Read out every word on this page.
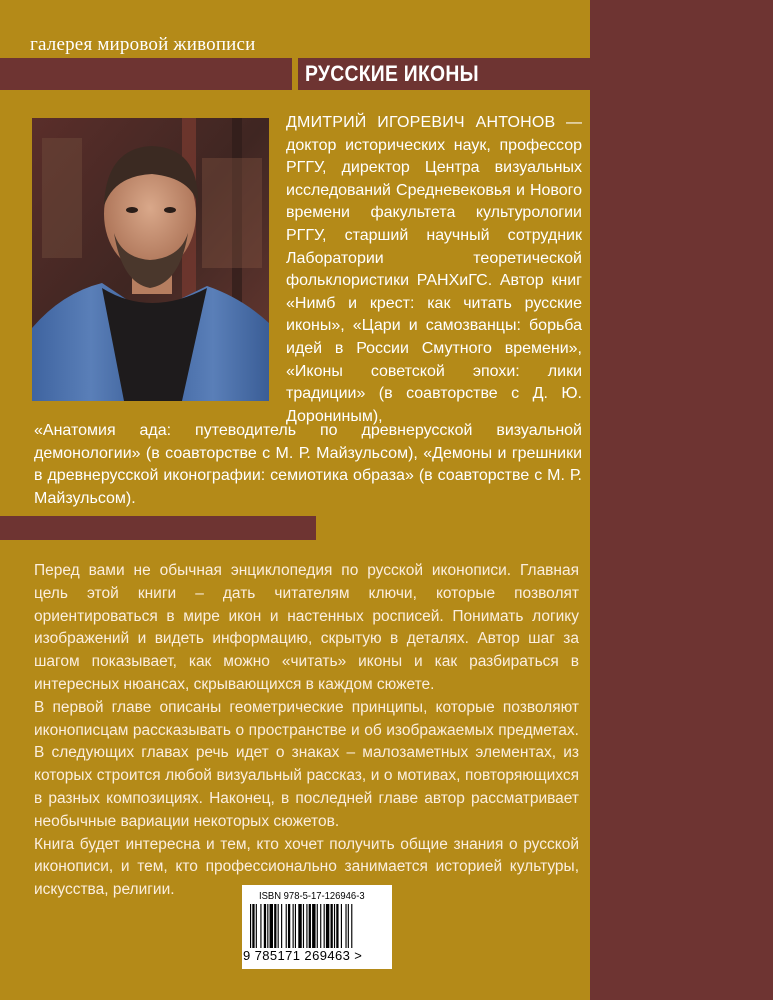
галерея мировой живописи
РУССКИЕ ИКОНЫ
ДМИТРИЙ ИГОРЕВИЧ АНТОНОВ — доктор исторических наук, профессор РГГУ, директор Центра визуальных исследований Средневековья и Нового времени факультета культурологии РГГУ, старший научный сотрудник Лаборатории теоретической фольклористики РАНХиГС. Автор книг «Нимб и крест: как читать русские иконы», «Цари и самозванцы: борьба идей в России Смутного времени», «Иконы советской эпохи: лики традиции» (в соавторстве с Д. Ю. Дорониным),
«Анатомия ада: путеводитель по древнерусской визуальной демонологии» (в соавторстве с М. Р. Майзульсом), «Демоны и грешники в древнерусской иконографии: семиотика образа» (в соавторстве с М. Р. Майзульсом).

Перед вами не обычная энциклопедия по русской иконописи. Главная цель этой книги – дать читателям ключи, которые позволят ориентироваться в мире икон и настенных росписей. Понимать логику изображений и видеть информацию, скрытую в деталях. Автор шаг за шагом показывает, как можно «читать» иконы и как разбираться в интересных нюансах, скрывающихся в каждом сюжете.

В первой главе описаны геометрические принципы, которые позволяют иконописцам рассказывать о пространстве и об изображаемых предметах. В следующих главах речь идет о знаках – малозаметных элементах, из которых строится любой визуальный рассказ, и о мотивах, повторяющихся в разных композициях. Наконец, в последней главе автор рассматривает необычные вариации некоторых сюжетов.

Книга будет интересна и тем, кто хочет получить общие знания о русской иконописи, и тем, кто профессионально занимается историей культуры, искусства, религии.	ISBN 978-5-17-126946-3
9 785171 269463 >
